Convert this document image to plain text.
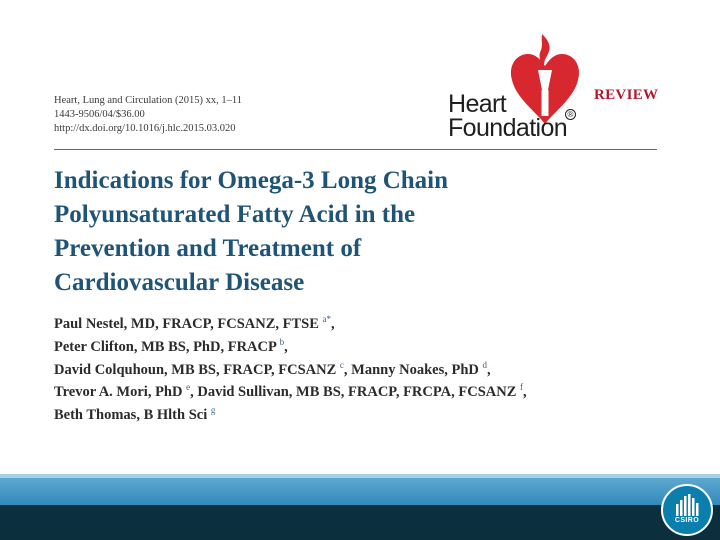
Heart, Lung and Circulation (2015) xx, 1–11
1443-9506/04/$36.00
http://dx.doi.org/10.1016/j.hlc.2015.03.020
Heart
Foundation ®
REVIEW
Indications for Omega-3 Long Chain
Polyunsaturated Fatty Acid in the
Prevention and Treatment of
Cardiovascular Disease
Paul Nestel, MD, FRACP, FCSANZ, FTSE $^{a*}$,
Peter Clifton, MB BS, PhD, FRACP $^b$,
David Colquhoun, MB BS, FRACP, FCSANZ $^c$, Manny Noakes, PhD $^d$,
Trevor A. Mori, PhD $^e$, David Sullivan, MB BS, FRACP, FRCPA, FCSANZ $^f$,
Beth Thomas, B Hlth Sci $^g$
CSIRO
